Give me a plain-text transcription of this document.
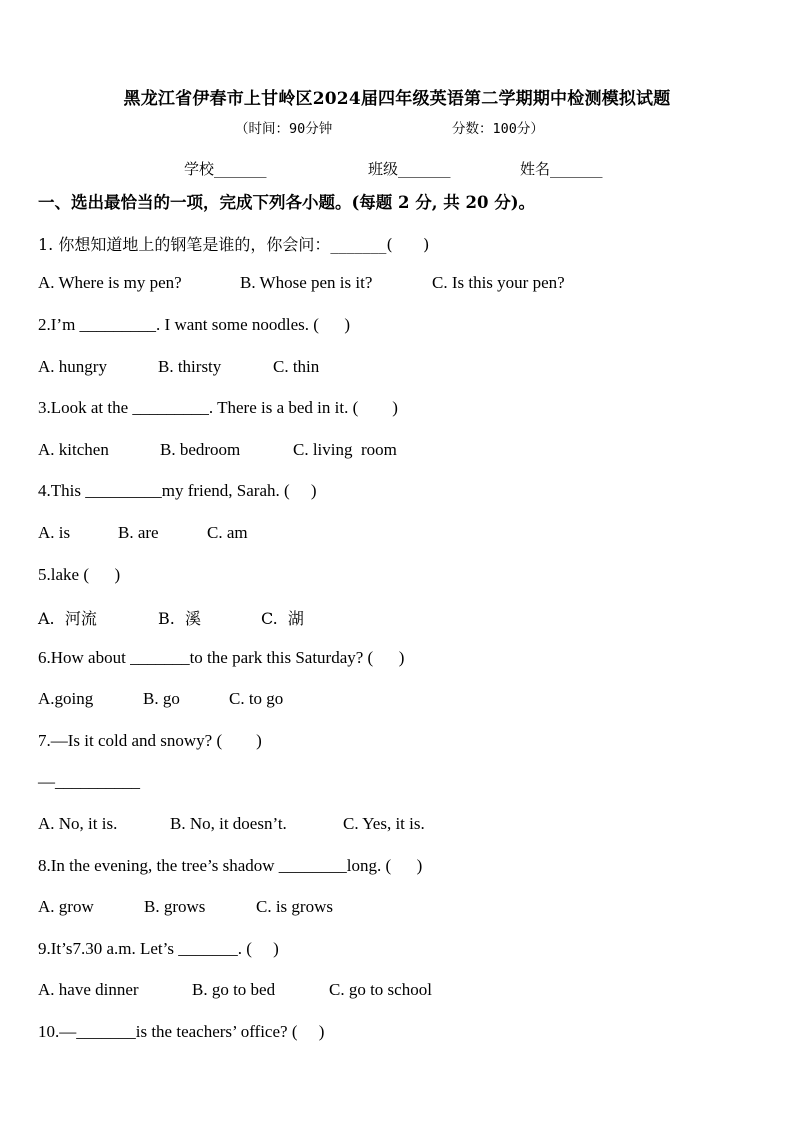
黑龙江省伊春市上甘岭区2024届四年级英语第二学期期中检测模拟试题
（时间：90分钟	分数：100分）
学校_______	班级_______	姓名_______
一、选出最恰当的一项，完成下列各小题。(每题 2 分, 共 20 分)。
1. 你想知道地上的钢笔是谁的，你会问：_______(      )
A. Where is my pen?	B. Whose pen is it?	C. Is this your pen?
2.I’m _________. I want some noodles. (      )
A. hungry	B. thirsty	C. thin
3.Look at the _________. There is a bed in it. (        )
A. kitchen	B. bedroom	C. living  room
4.This _________my friend, Sarah. (     )
A. is	B. are	C. am
5.lake (      )
A.  河流	B.  溪	C.  湖
6.How about _______to the park this Saturday? (      )
A.going	B. go	C. to go
7.—Is it cold and snowy? (        )
—__________
A. No, it is.	B. No, it doesn’t.	C. Yes, it is.
8.In the evening, the tree’s shadow ________long. (      )
A. grow	B. grows	C. is grows
9.It’s7.30 a.m. Let’s _______. (     )
A. have dinner	B. go to bed	C. go to school
10.—_______is the teachers’ office? (     )
